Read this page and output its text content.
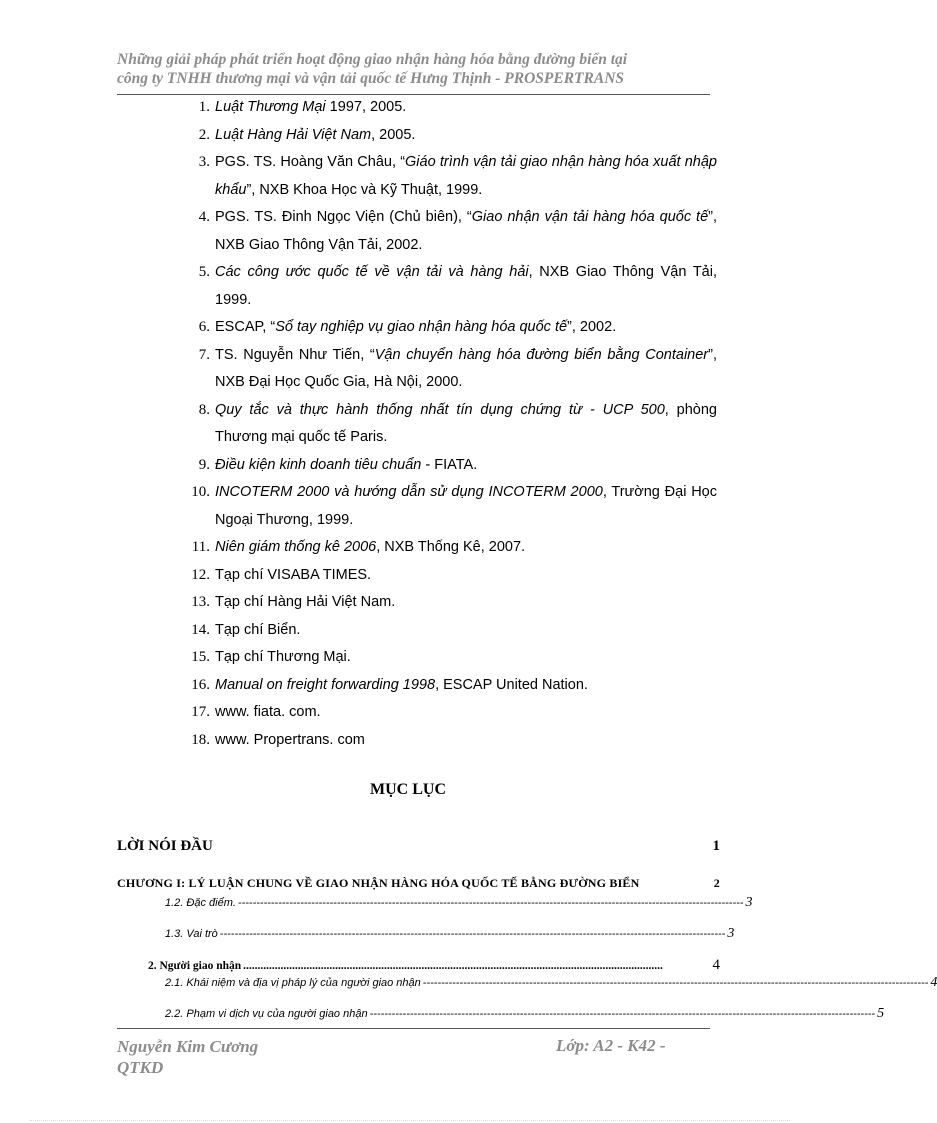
Những giải pháp phát triển hoạt động giao nhận hàng hóa bằng đường biển tại
công ty TNHH thương mại và vận tải quốc tế Hưng Thịnh - PROSPERTRANS
1. Luật Thương Mại 1997, 2005.
2. Luật Hàng Hải Việt Nam, 2005.
3. PGS. TS. Hoàng Văn Châu, “Giáo trình vận tải giao nhận hàng hóa xuất nhập khẩu”, NXB Khoa Học và Kỹ Thuật, 1999.
4. PGS. TS. Đinh Ngọc Viện (Chủ biên), “Giao nhận vận tải hàng hóa quốc tế”, NXB Giao Thông Vận Tải, 2002.
5. Các công ước quốc tế về vận tải và hàng hải, NXB Giao Thông Vận Tải, 1999.
6. ESCAP, “Sổ tay nghiệp vụ giao nhận hàng hóa quốc tế”, 2002.
7. TS. Nguyễn Như Tiến, “Vận chuyển hàng hóa đường biển bằng Container”, NXB Đại Học Quốc Gia, Hà Nội, 2000.
8. Quy tắc và thực hành thống nhất tín dụng chứng từ - UCP 500, phòng Thương mại quốc tế Paris.
9. Điều kiện kinh doanh tiêu chuẩn - FIATA.
10. INCOTERM 2000 và hướng dẫn sử dụng INCOTERM 2000, Trường Đại Học Ngoại Thương, 1999.
11. Niên giám thống kê 2006, NXB Thống Kê, 2007.
12. Tạp chí VISABA TIMES.
13. Tạp chí Hàng Hải Việt Nam.
14. Tạp chí Biển.
15. Tạp chí Thương Mại.
16. Manual on freight forwarding 1998, ESCAP United Nation.
17. www. fiata. com.
18. www. Propertrans. com
MỤC LỤC
LỜI NÓI ĐẦU	1
CHƯƠNG I: LÝ LUẬN CHUNG VỀ GIAO NHẬN HÀNG HÓA QUỐC TẾ BẰNG ĐƯỜNG BIỂN	2
1.2. Đặc điểm. ------------------------------------------------------------------------------------------------------------------------------------------ 3
1.3. Vai trò ------------------------------------------------------------------------------------------------------------------------------------------ 3
2. Người giao nhận ..................................................................................................................................................	4
2.1. Khái niệm và địa vị pháp lý của người giao nhận ------------------------------------------------------------------------------------------------------------------------------------------ 4
2.2. Phạm vi dịch vụ của người giao nhận ------------------------------------------------------------------------------------------------------------------------------------------ 5
Nguyễn Kim Cương
QTKD
Lớp: A2 - K42 -
